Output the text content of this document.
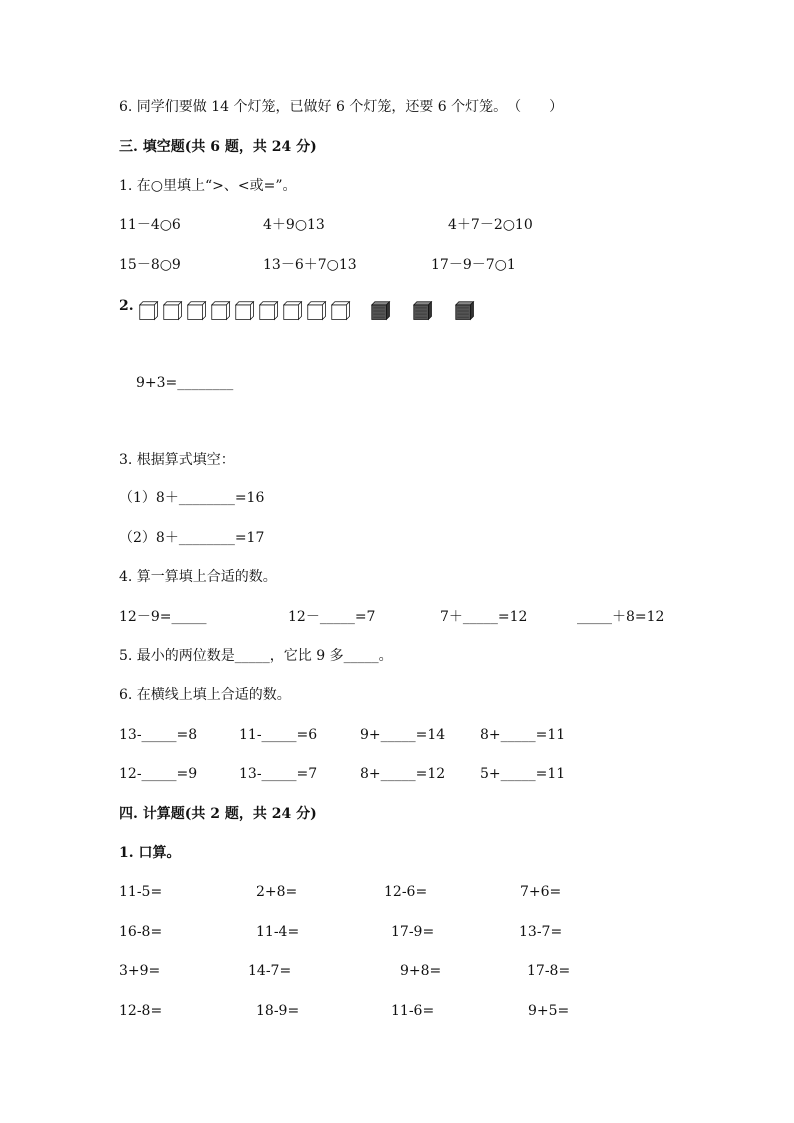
6. 同学们要做 14 个灯笼，已做好 6 个灯笼，还要 6 个灯笼。　（　　）
三. 填空题(共 6 题，共 24 分)
1. 在○里填上“>、<或=”。
11－4○6	4＋9○13	4＋7－2○10
15－8○9	13－6＋7○13	17－9－7○1
2.
9+3=________
3. 根据算式填空：
（1）8＋________=16
（2）8＋________=17
4. 算一算填上合适的数。
12－9=_____	12－_____=7	7＋_____=12	_____＋8=12
5. 最小的两位数是_____，它比 9 多_____。
6. 在横线上填上合适的数。
13-_____=8	11-_____=6	9+_____=14 8+_____=11
12-_____=9	13-_____=7	8+_____=12 5+_____=11
四. 计算题(共 2 题，共 24 分)
1. 口算。
11-5=	2+8=	12-6=	7+6=
16-8=	11-4=	17-9=	13-7=
3+9=	14-7=	9+8=	17-8=
12-8=	18-9=	11-6=	9+5=
